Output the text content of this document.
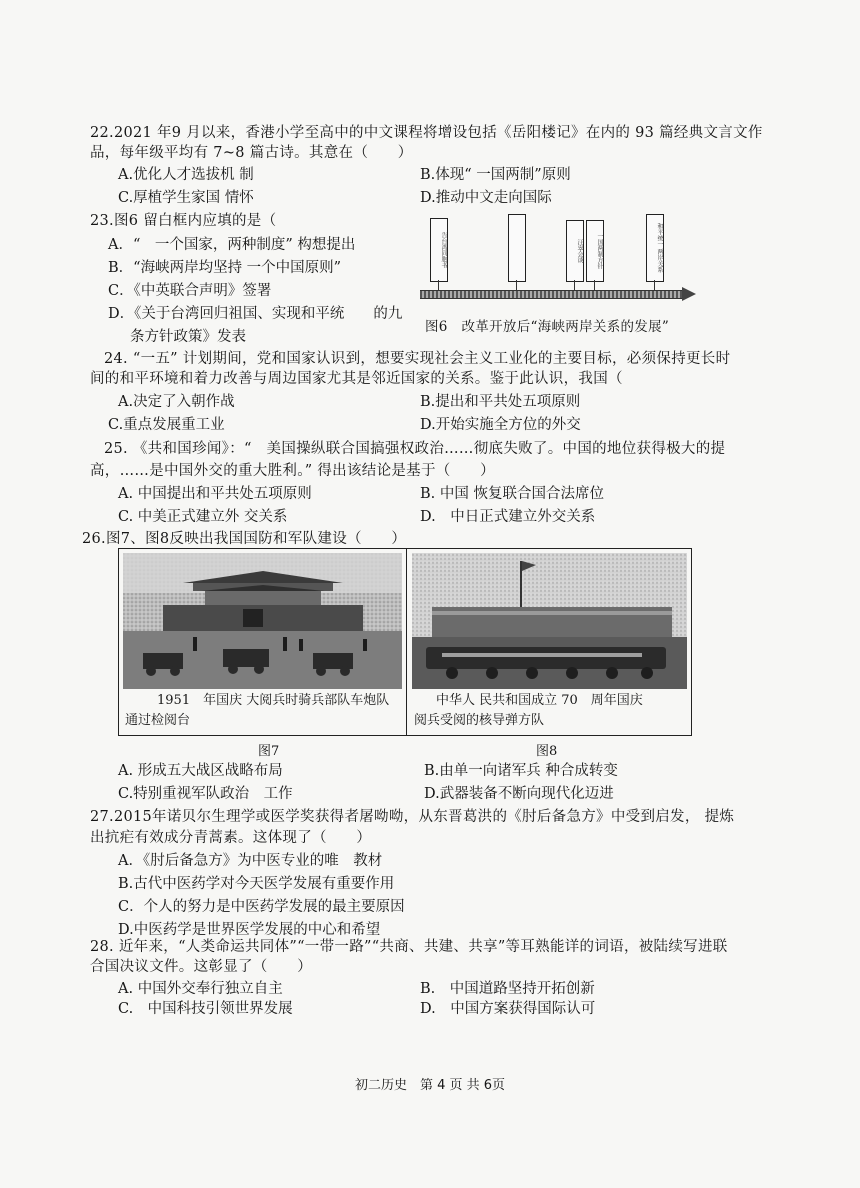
22.2021 年9 月以来，香港小学至高中的中文课程将增设包括《岳阳楼记》在内的 93 篇经典文言文作
品，每年级平均有 7~8 篇古诗。其意在（　　）
A.优化人才选拔机 制	B.体现“ 一国两制”原则
C.厚植学生家国 情怀	D.推动中文走向国际
23.图6 留白框内应填的是（
A．“　一个国家，两种制度” 构想提出
B．“海峡两岸均坚持 一个中国原则”
C．《中英联合声明》签署
D．《关于台湾回归祖国、实现和平统　　的九
条方针政策》发表
告台湾同胞书	汪辜会谈	一国两制方针	和平统一 两岸关系
图6　改革开放后“海峡两岸关系的发展”
24. “一五” 计划期间，党和国家认识到，想要实现社会主义工业化的主要目标，必须保持更长时
间的和平环境和着力改善与周边国家尤其是邻近国家的关系。鉴于此认识，我国（
A.决定了入朝作战	B.提出和平共处五项原则
C.重点发展重工业	D.开始实施全方位的外交
25. 《共和国珍闻》：“　美国操纵联合国搞强权政治……彻底失败了。中国的地位获得极大的提
高，……是中国外交的重大胜利。” 得出该结论是基于（　　）
A. 中国提出和平共处五项原则	B. 中国 恢复联合国合法席位
C. 中美正式建立外 交关系	D.　中日正式建立外交关系
26.图7、图8反映出我国国防和军队建设（　　）
1951　年国庆 大阅兵时骑兵部队车炮队
通过检阅台
中华人 民共和国成立 70　周年国庆
阅兵受阅的核导弹方队
图7	图8
A. 形成五大战区战略布局	B.由单一向诸军兵 种合成转变
C.特别重视军队政治　工作	D.武器装备不断向现代化迈进
27.2015年诺贝尔生理学或医学奖获得者屠呦呦，从东晋葛洪的《肘后备急方》中受到启发， 提炼
出抗疟有效成分青蒿素。这体现了（　　）
A．《肘后备急方》为中医专业的唯　教材
B.古代中医药学对今天医学发展有重要作用
C．个人的努力是中医药学发展的最主要原因
D.中医药学是世界医学发展的中心和希望
28. 近年来，“人类命运共同体”“一带一路”“共商、共建、共享”等耳熟能详的词语，被陆续写进联
合国决议文件。这彰显了（　　）
A. 中国外交奉行独立自主	B.　中国道路坚持开拓创新
C.　中国科技引领世界发展	D.　中国方案获得国际认可
初二历史　第 4 页 共 6页
